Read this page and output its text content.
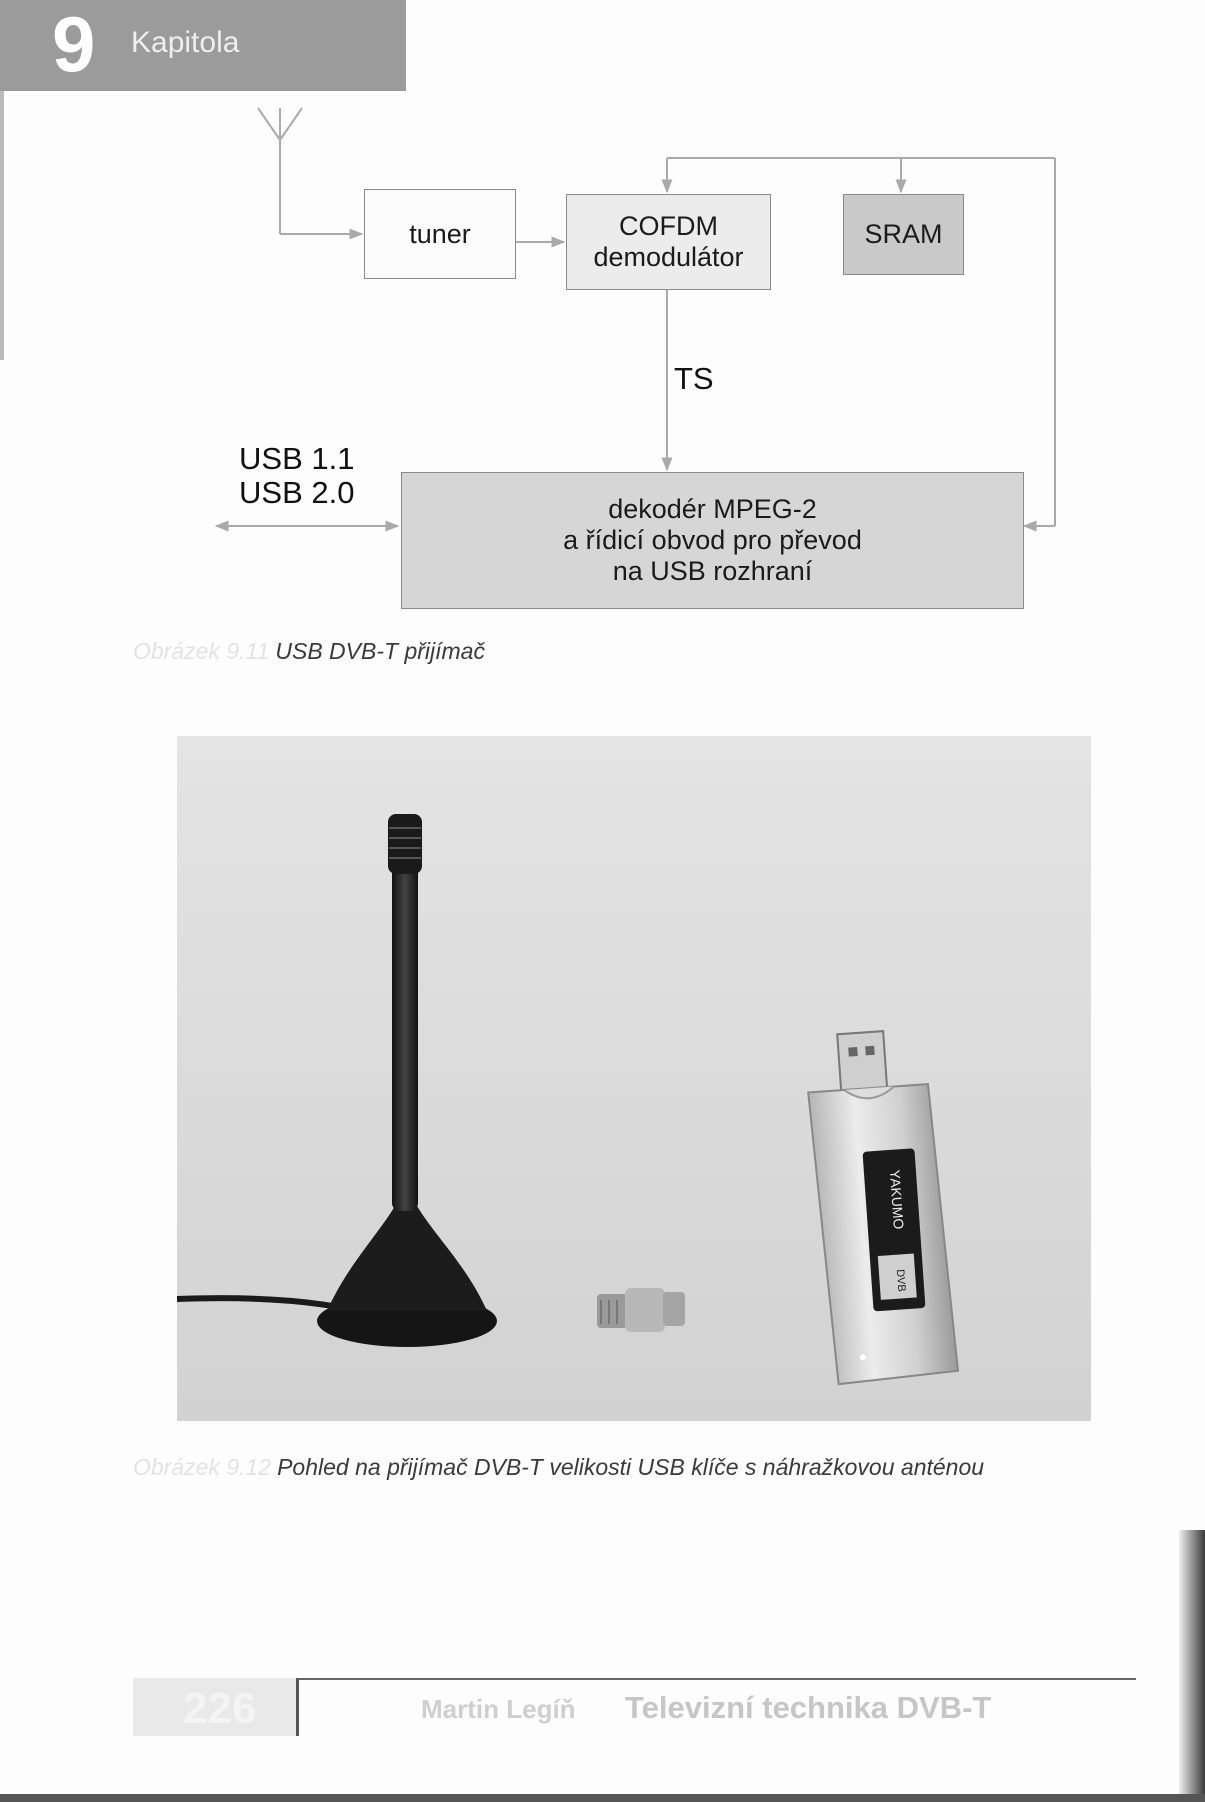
9 Kapitola
tuner	COFDM
demodulátor
SRAM
TS
USB 1.1
USB 2.0	dekodér MPEG-2
a řídicí obvod pro převod
na USB rozhraní
Obrázek 9.11 USB DVB-T přijímač
YAKUMO
DVB
Obrázek 9.12 Pohled na přijímač DVB-T velikosti USB klíče s náhražkovou anténou
226	Martin Legíň Televizní technika DVB-T
